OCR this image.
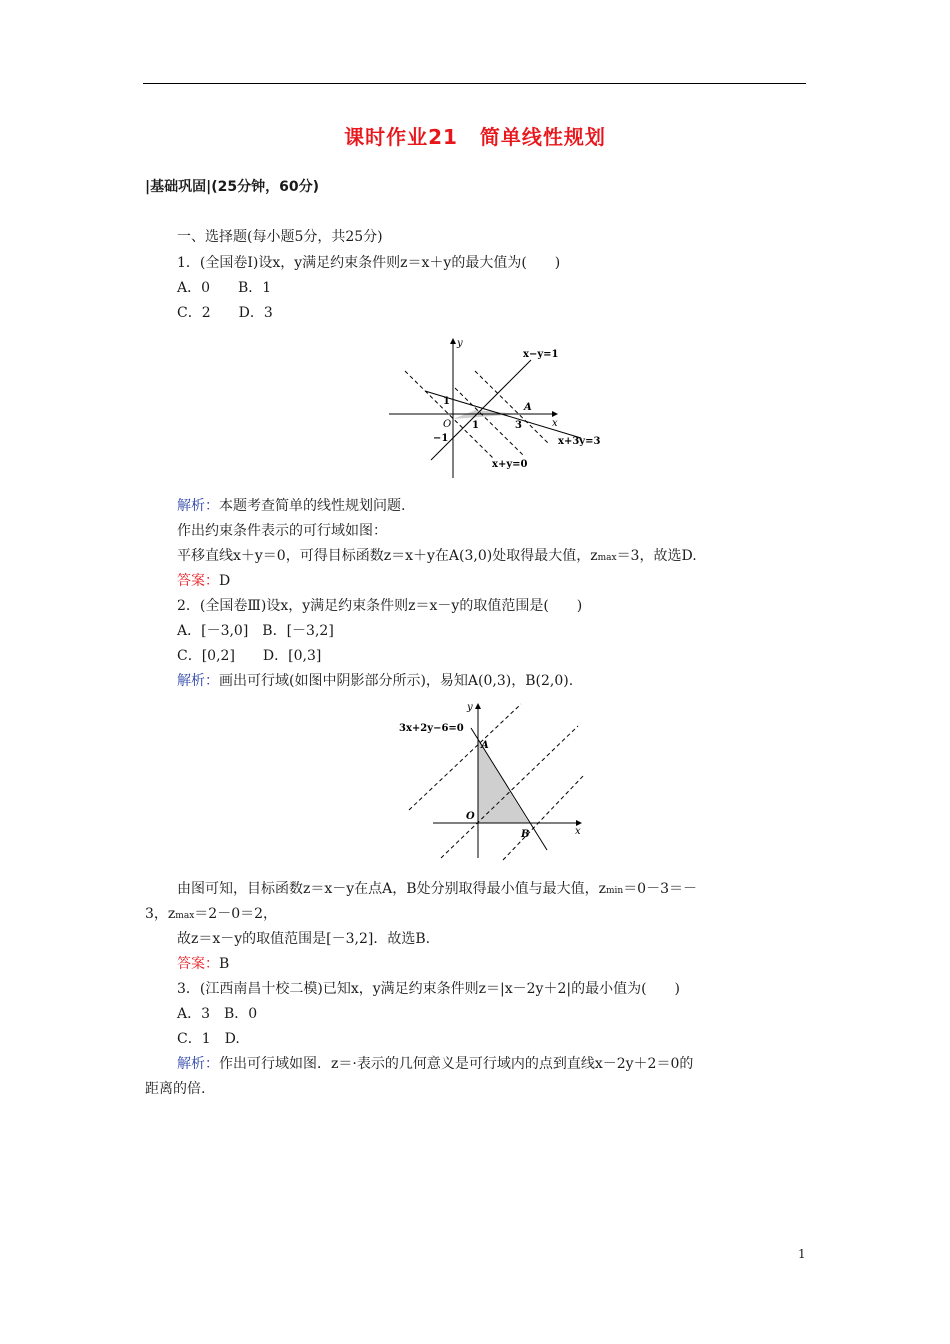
课时作业21 简单线性规划
|基础巩固|(25分钟，60分)
一、选择题(每小题5分，共25分)
1．(全国卷Ⅰ)设x，y满足约束条件则z＝x＋y的最大值为(　　)
A．0　　B．1
C．2　　D．3
y
x
O
1
1	3
−1
A
x−y=1
x+3y=3
x+y=0
解析：本题考查简单的线性规划问题.
作出约束条件表示的可行域如图：
平移直线x＋y＝0，可得目标函数z＝x＋y在A(3,0)处取得最大值，zmax＝3，故选D.
答案：D
2．(全国卷Ⅲ)设x，y满足约束条件则z＝x－y的取值范围是(　　)
A．[－3,0]　B．[－3,2]
C．[0,2]　　D．[0,3]
解析：画出可行域(如图中阴影部分所示)，易知A(0,3)，B(2,0).
y
x
O
A
B
3x+2y−6=0
由图可知，目标函数z＝x－y在点A，B处分别取得最小值与最大值，zmin＝0－3＝－
3，zmax＝2－0＝2，
故z＝x－y的取值范围是[－3,2]．故选B.
答案：B
3．(江西南昌十校二模)已知x，y满足约束条件则z＝|x－2y＋2|的最小值为(　　)
A．3　B．0
C．1　D.
解析：作出可行域如图．z＝·表示的几何意义是可行域内的点到直线x－2y＋2＝0的
距离的倍.
1
